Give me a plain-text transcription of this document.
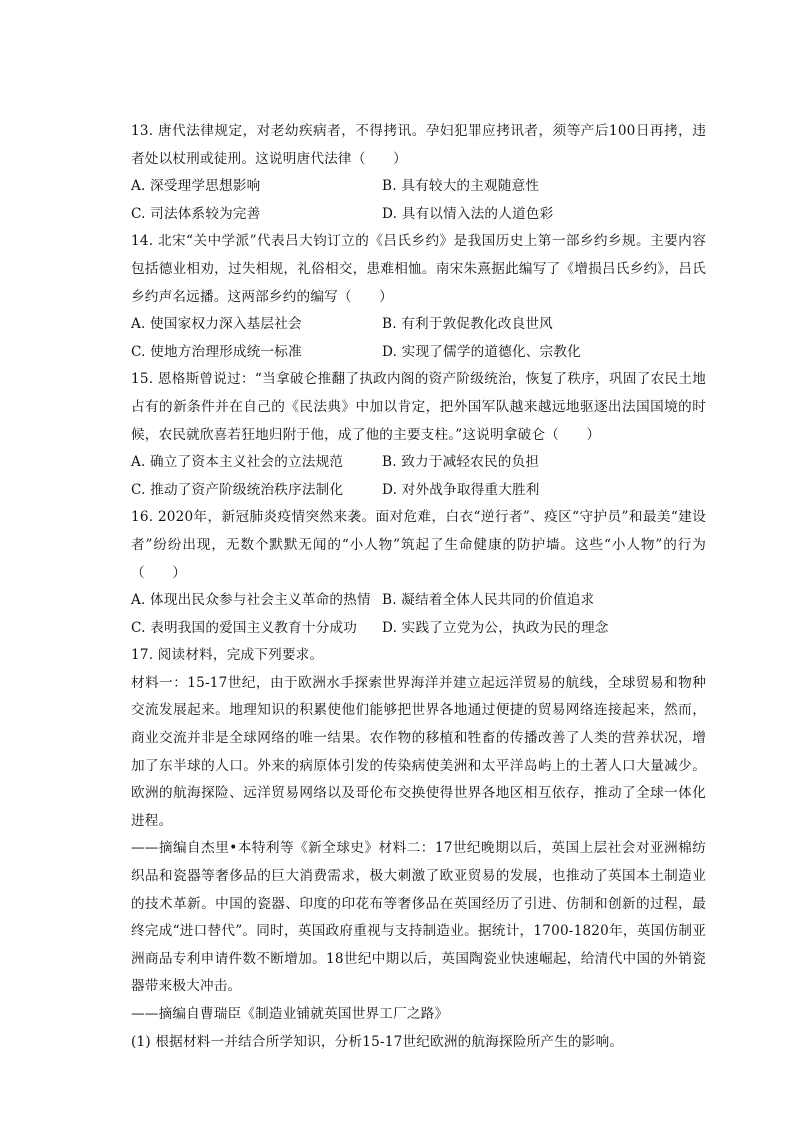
13. 唐代法律规定，对老幼疾病者，不得拷讯。孕妇犯罪应拷讯者，须等产后100日再拷，违者处以杖刑或徒刑。这说明唐代法律（　　）

A. 深受理学思想影响	B. 具有较大的主观随意性
C. 司法体系较为完善	D. 具有以情入法的人道色彩

14. 北宋“关中学派”代表吕大钧订立的《吕氏乡约》是我国历史上第一部乡约乡规。主要内容包括德业相劝，过失相规，礼俗相交，患难相恤。南宋朱熹据此编写了《增损吕氏乡约》，吕氏乡约声名远播。这两部乡约的编写（　　）

A. 使国家权力深入基层社会	B. 有利于敦促教化改良世风
C. 使地方治理形成统一标准	D. 实现了儒学的道德化、宗教化

15. 恩格斯曾说过：“当拿破仑推翻了执政内阁的资产阶级统治，恢复了秩序，巩固了农民土地占有的新条件并在自己的《民法典》中加以肯定，把外国军队越来越远地驱逐出法国国境的时候，农民就欣喜若狂地归附于他，成了他的主要支柱。”这说明拿破仑（　　）

A. 确立了资本主义社会的立法规范	B. 致力于减轻农民的负担
C. 推动了资产阶级统治秩序法制化	D. 对外战争取得重大胜利

16. 2020年，新冠肺炎疫情突然来袭。面对危难，白衣“逆行者”、疫区“守护员”和最美“建设者”纷纷出现，无数个默默无闻的“小人物”筑起了生命健康的防护墙。这些“小人物”的行为（　　）

A. 体现出民众参与社会主义革命的热情 B. 凝结着全体人民共同的价值追求
C. 表明我国的爱国主义教育十分成功	D. 实践了立党为公，执政为民的理念

17. 阅读材料，完成下列要求。

材料一：15-17世纪，由于欧洲水手探索世界海洋并建立起远洋贸易的航线，全球贸易和物种交流发展起来。地理知识的积累使他们能够把世界各地通过便捷的贸易网络连接起来，然而，商业交流并非是全球网络的唯一结果。农作物的移植和牲畜的传播改善了人类的营养状况，增加了东半球的人口。外来的病原体引发的传染病使美洲和太平洋岛屿上的土著人口大量减少。欧洲的航海探险、远洋贸易网络以及哥伦布交换使得世界各地区相互依存，推动了全球一体化进程。

——摘编自杰里•本特利等《新全球史》材料二：17世纪晚期以后，英国上层社会对亚洲棉纺织品和瓷器等奢侈品的巨大消费需求，极大刺激了欧亚贸易的发展，也推动了英国本土制造业的技术革新。中国的瓷器、印度的印花布等奢侈品在英国经历了引进、仿制和创新的过程，最终完成“进口替代”。同时，英国政府重视与支持制造业。据统计，1700-1820年，英国仿制亚洲商品专利申请件数不断增加。18世纪中期以后，英国陶瓷业快速崛起，给清代中国的外销瓷器带来极大冲击。

——摘编自曹瑞臣《制造业铺就英国世界工厂之路》

(1) 根据材料一并结合所学知识，分析15-17世纪欧洲的航海探险所产生的影响。
